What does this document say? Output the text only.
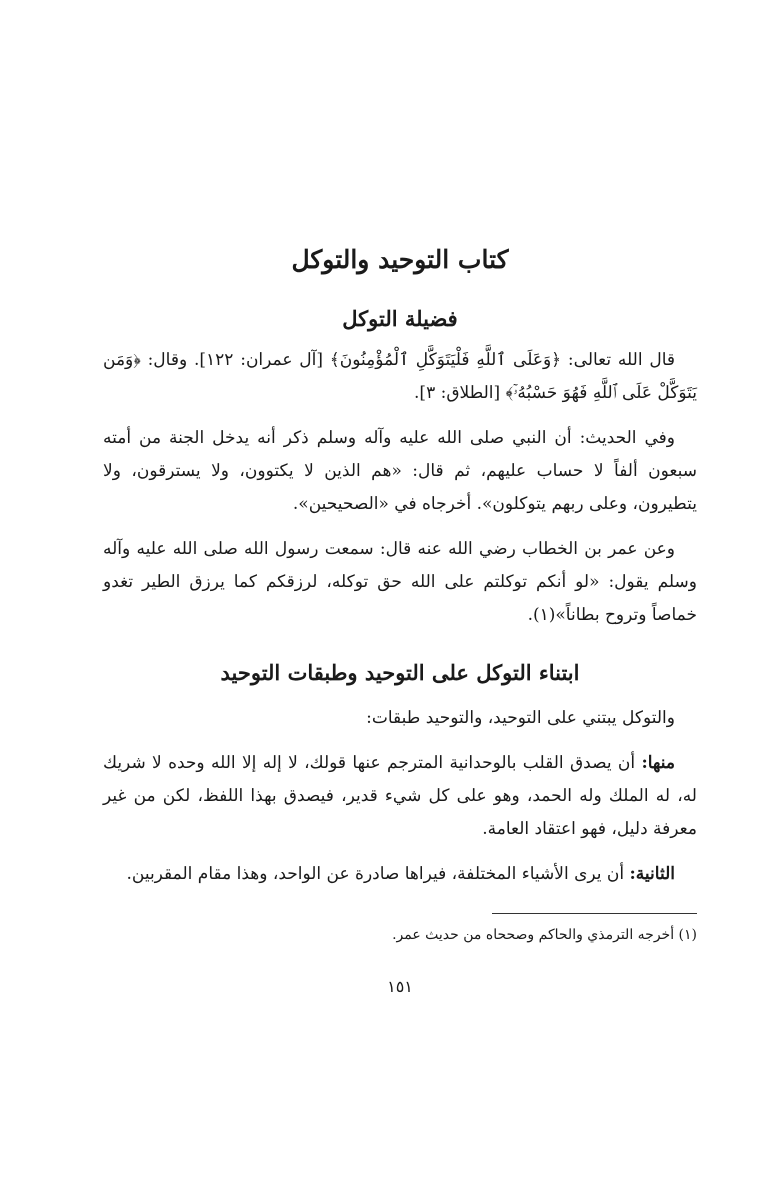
كتاب التوحيد والتوكل
فضيلة التوكل

قال الله تعالى: ﴿وَعَلَى ٱللَّهِ فَلْيَتَوَكَّلِ ٱلْمُؤْمِنُونَ﴾ [آل عمران: ١٢٢]. وقال: ﴿وَمَن يَتَوَكَّلْ عَلَى ٱللَّهِ فَهُوَ حَسْبُهُۥٓ﴾ [الطلاق: ٣].

وفي الحديث: أن النبي صلى الله عليه وآله وسلم ذكر أنه يدخل الجنة من أمته سبعون ألفاً لا حساب عليهم، ثم قال: «هم الذين لا يكتوون، ولا يسترقون، ولا يتطيرون، وعلى ربهم يتوكلون». أخرجاه في «الصحيحين».

وعن عمر بن الخطاب رضي الله عنه قال: سمعت رسول الله صلى الله عليه وآله وسلم يقول: «لو أنكم توكلتم على الله حق توكله، لرزقكم كما يرزق الطير تغدو خماصاً وتروح بطاناً»(١).

ابتناء التوكل على التوحيد وطبقات التوحيد

والتوكل يبتني على التوحيد، والتوحيد طبقات:

منها: أن يصدق القلب بالوحدانية المترجم عنها قولك، لا إله إلا الله وحده لا شريك له، له الملك وله الحمد، وهو على كل شيء قدير، فيصدق بهذا اللفظ، لكن من غير معرفة دليل، فهو اعتقاد العامة.

الثانية: أن يرى الأشياء المختلفة، فيراها صادرة عن الواحد، وهذا مقام المقربين.

(١) أخرجه الترمذي والحاكم وصححاه من حديث عمر.

١٥١
